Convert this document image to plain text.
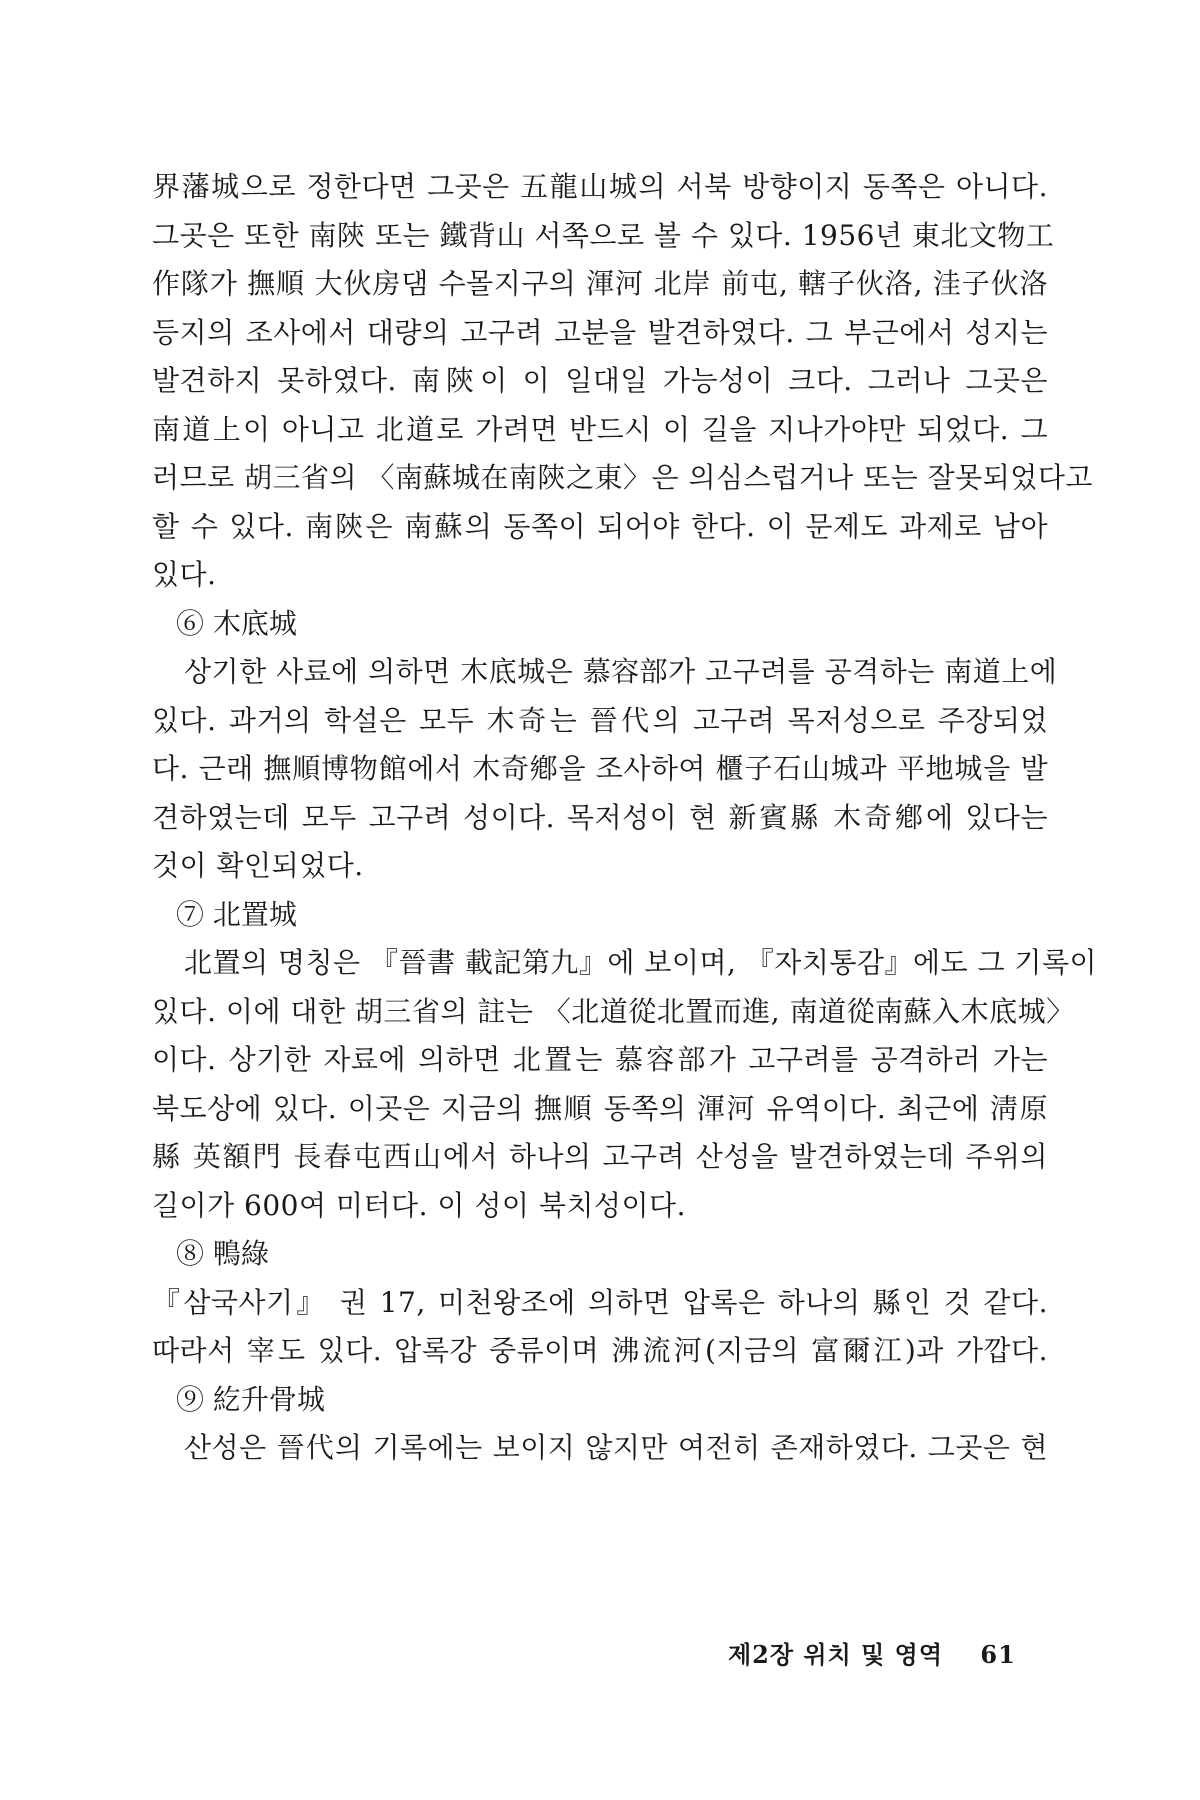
界藩城으로 정한다면 그곳은 五龍山城의 서북 방향이지 동쪽은 아니다.
그곳은 또한 南陝 또는 鐵背山 서쪽으로 볼 수 있다. 1956년 東北文物工
作隊가 撫順 大伙房댐 수몰지구의 渾河 北岸 前屯, 轄子伙洛, 洼子伙洛
등지의 조사에서 대량의 고구려 고분을 발견하였다. 그 부근에서 성지는
발견하지 못하였다. 南陝이 이 일대일 가능성이 크다. 그러나 그곳은
南道上이 아니고 北道로 가려면 반드시 이 길을 지나가야만 되었다. 그
러므로 胡三省의 〈南蘇城在南陝之東〉은 의심스럽거나 또는 잘못되었다고
할 수 있다. 南陝은 南蘇의 동쪽이 되어야 한다. 이 문제도 과제로 남아
있다.
⑥ 木底城
상기한 사료에 의하면 木底城은 慕容部가 고구려를 공격하는 南道上에
있다. 과거의 학설은 모두 木奇는 晉代의 고구려 목저성으로 주장되었
다. 근래 撫順博物館에서 木奇鄕을 조사하여 櫃子石山城과 平地城을 발
견하였는데 모두 고구려 성이다. 목저성이 현 新賓縣 木奇鄕에 있다는
것이 확인되었다.
⑦ 北置城
北置의 명칭은 『晉書 載記第九』에 보이며, 『자치통감』에도 그 기록이
있다. 이에 대한 胡三省의 註는 〈北道從北置而進, 南道從南蘇入木底城〉
이다. 상기한 자료에 의하면 北置는 慕容部가 고구려를 공격하러 가는
북도상에 있다. 이곳은 지금의 撫順 동쪽의 渾河 유역이다. 최근에 淸原
縣 英額門 長春屯西山에서 하나의 고구려 산성을 발견하였는데 주위의
길이가 600여 미터다. 이 성이 북치성이다.
⑧ 鴨綠
『삼국사기』 권 17, 미천왕조에 의하면 압록은 하나의 縣인 것 같다.
따라서 宰도 있다. 압록강 중류이며 沸流河(지금의 富爾江)과 가깝다.
⑨ 紇升骨城
산성은 晉代의 기록에는 보이지 않지만 여전히 존재하였다. 그곳은 현
제2장 위치 및 영역 61
